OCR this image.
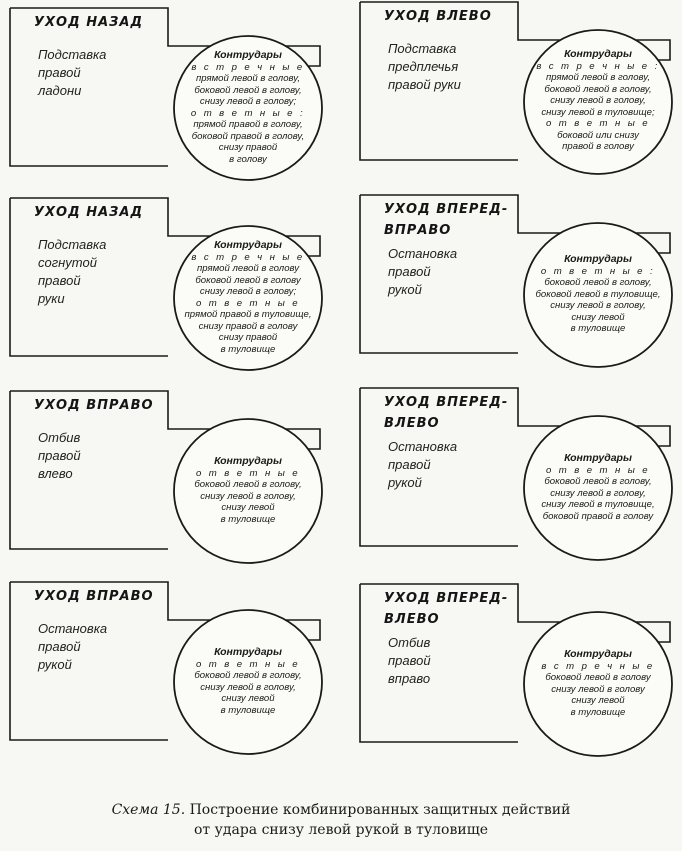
УХОД НАЗАД
Подставка
правой
ладони
Контрудары
в с т р е ч н ы е
прямой левой в голову,
боковой левой в голову,
снизу левой в голову;
о т в е т н ы е :
прямой правой в голову,
боковой правой в голову,
снизу правой
в голову
УХОД ВЛЕВО
Подставка
предплечья
правой руки
Контрудары
в с т р е ч н ы е :
прямой левой в голову,
боковой левой в голову,
снизу левой в голову,
снизу левой в туловище;
о т в е т н ы е
боковой или снизу
правой в голову
УХОД НАЗАД
Подставка
согнутой
правой
руки
Контрудары
в с т р е ч н ы е
прямой левой в голову
боковой левой в голову
снизу левой в голову;
о т в е т н ы е
прямой правой в туловище,
снизу правой в голову
снизу правой
в туловище
УХОД ВПЕРЕД-
ВПРАВО
Остановка
правой
рукой
Контрудары
о т в е т н ы е :
боковой левой в голову,
боковой левой в туловище,
снизу левой в голову,
снизу левой
в туловище
УХОД ВПРАВО
Отбив
правой
влево
Контрудары
о т в е т н ы е
боковой левой в голову,
снизу левой в голову,
снизу левой
в туловище
УХОД ВПЕРЕД-
ВЛЕВО
Остановка
правой
рукой
Контрудары
о т в е т н ы е
боковой левой в голову,
снизу левой в голову,
снизу левой в туловище,
боковой правой в голову
УХОД ВПРАВО
Остановка
правой
рукой
Контрудары
о т в е т н ы е
боковой левой в голову,
снизу левой в голову,
снизу левой
в туловище
УХОД ВПЕРЕД-
ВЛЕВО
Отбив
правой
вправо
Контрудары
в с т р е ч н ы е
боковой левой в голову
снизу левой в голову
снизу левой
в туловище
Схема 15. Построение комбинированных защитных действий
от удара снизу левой рукой в туловище
